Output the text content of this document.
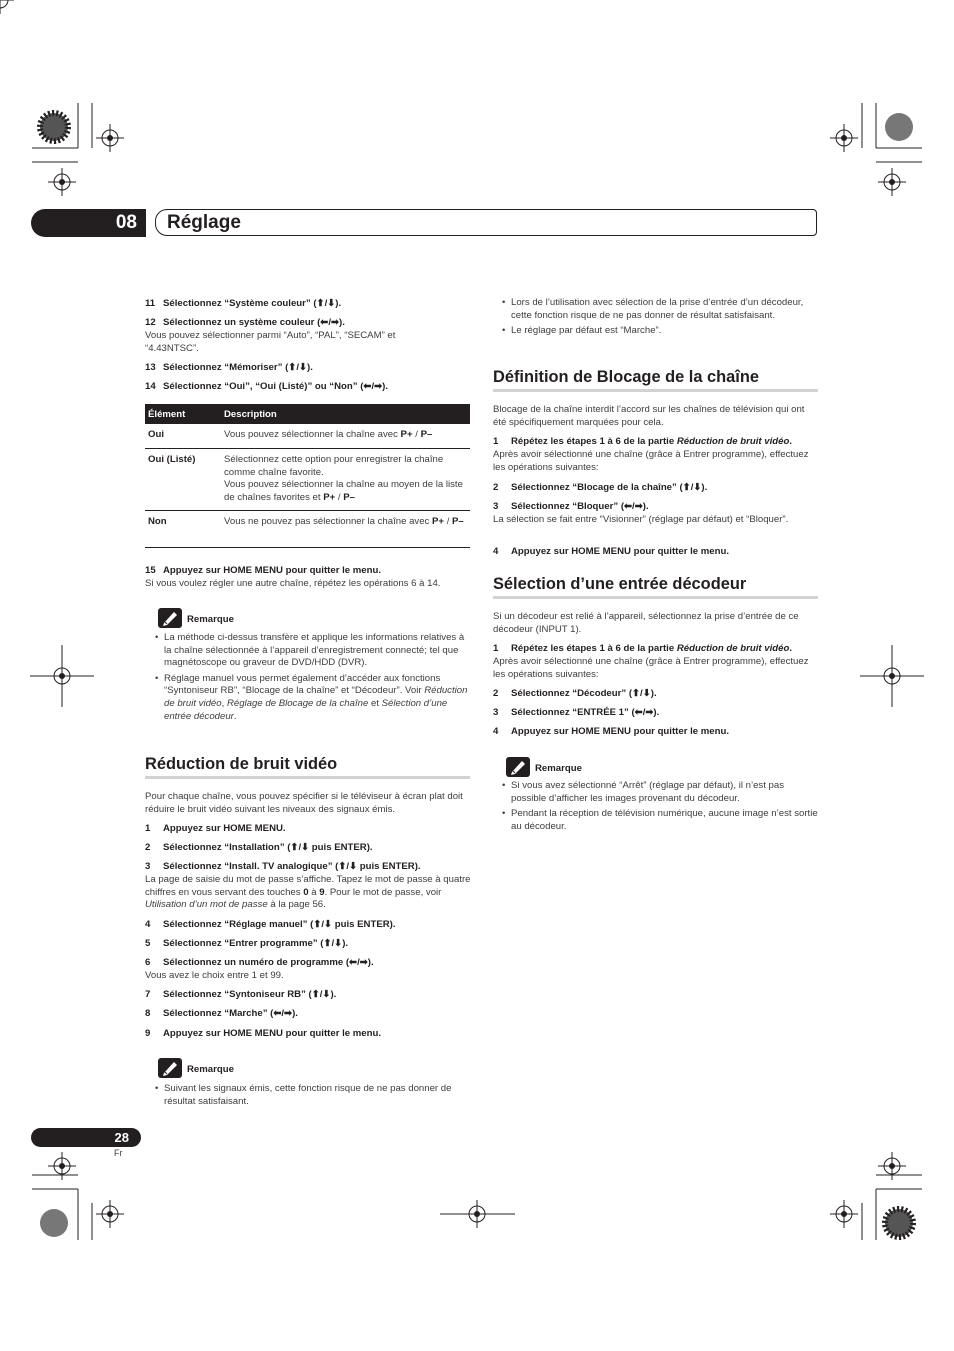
08	Réglage
11 Sélectionnez “Système couleur” (⬆/⬇).
12 Sélectionnez un système couleur (⬅/➡).
Vous pouvez sélectionner parmi “Auto”, “PAL”, “SECAM” et “4.43NTSC”.
13 Sélectionnez “Mémoriser” (⬆/⬇).
14 Sélectionnez “Oui”, “Oui (Listé)” ou “Non” (⬅/➡).
Élément	Description
Oui	Vous pouvez sélectionner la chaîne avec P+ / P–
Oui (Listé)	Sélectionnez cette option pour enregistrer la chaîne comme chaîne favorite.
Vous pouvez sélectionner la chaîne au moyen de la liste de chaînes favorites et P+ / P–
Non	Vous ne pouvez pas sélectionner la chaîne avec P+ / P–
15 Appuyez sur HOME MENU pour quitter le menu.
Si vous voulez régler une autre chaîne, répétez les opérations 6 à 14.
Remarque
• La méthode ci-dessus transfère et applique les informations relatives à la chaîne sélectionnée à l’appareil d’enregistrement connecté; tel que magnétoscope ou graveur de DVD/HDD (DVR).
• Réglage manuel vous permet également d’accéder aux fonctions “Syntoniseur RB”, “Blocage de la chaîne” et “Décodeur”. Voir Réduction de bruit vidéo, Réglage de Blocage de la chaîne et Sélection d’une entrée décodeur.
Réduction de bruit vidéo
Pour chaque chaîne, vous pouvez spécifier si le téléviseur à écran plat doit réduire le bruit vidéo suivant les niveaux des signaux émis.
1 Appuyez sur HOME MENU.
2 Sélectionnez “Installation” (⬆/⬇ puis ENTER).
3 Sélectionnez “Install. TV analogique” (⬆/⬇ puis ENTER).
La page de saisie du mot de passe s’affiche. Tapez le mot de passe à quatre chiffres en vous servant des touches 0 à 9. Pour le mot de passe, voir Utilisation d’un mot de passe à la page 56.
4 Sélectionnez “Réglage manuel” (⬆/⬇ puis ENTER).
5 Sélectionnez “Entrer programme” (⬆/⬇).
6 Sélectionnez un numéro de programme (⬅/➡).
Vous avez le choix entre 1 et 99.
7 Sélectionnez “Syntoniseur RB” (⬆/⬇).
8 Sélectionnez “Marche” (⬅/➡).
9 Appuyez sur HOME MENU pour quitter le menu.
Remarque
• Suivant les signaux émis, cette fonction risque de ne pas donner de résultat satisfaisant.
• Lors de l’utilisation avec sélection de la prise d’entrée d’un décodeur, cette fonction risque de ne pas donner de résultat satisfaisant.
• Le réglage par défaut est “Marche”.
Définition de Blocage de la chaîne
Blocage de la chaîne interdit l’accord sur les chaînes de télévision qui ont été spécifiquement marquées pour cela.
1 Répétez les étapes 1 à 6 de la partie Réduction de bruit vidéo.
Après avoir sélectionné une chaîne (grâce à Entrer programme), effectuez les opérations suivantes:
2 Sélectionnez “Blocage de la chaîne” (⬆/⬇).
3 Sélectionnez “Bloquer” (⬅/➡).
La sélection se fait entre “Visionner” (réglage par défaut) et “Bloquer”.
4 Appuyez sur HOME MENU pour quitter le menu.
Sélection d’une entrée décodeur
Si un décodeur est relié à l’appareil, sélectionnez la prise d’entrée de ce décodeur (INPUT 1).
1 Répétez les étapes 1 à 6 de la partie Réduction de bruit vidéo.
Après avoir sélectionné une chaîne (grâce à Entrer programme), effectuez les opérations suivantes:
2 Sélectionnez “Décodeur” (⬆/⬇).
3 Sélectionnez “ENTRÉE 1” (⬅/➡).
4 Appuyez sur HOME MENU pour quitter le menu.
Remarque
• Si vous avez sélectionné “Arrêt” (réglage par défaut), il n’est pas possible d’afficher les images provenant du décodeur.
• Pendant la réception de télévision numérique, aucune image n’est sortie au décodeur.
28
Fr
